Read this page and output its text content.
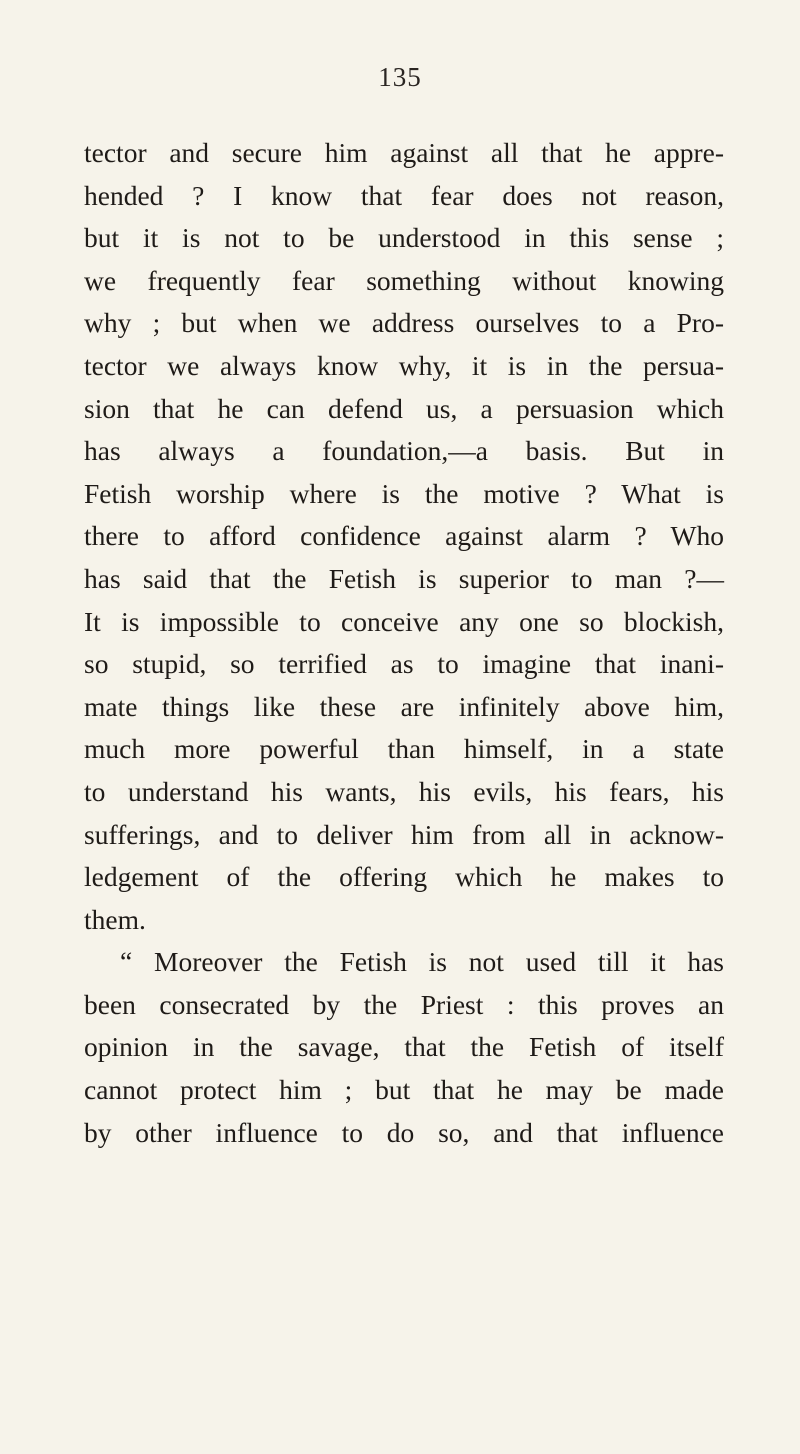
135
tector and secure him against all that he appre-
hended ? I know that fear does not reason,
but it is not to be understood in this sense ;
we frequently fear something without knowing
why ; but when we address ourselves to a Pro-
tector we always know why, it is in the persua-
sion that he can defend us, a persuasion which
has always a foundation,—a basis. But in
Fetish worship where is the motive ? What is
there to afford confidence against alarm ? Who
has said that the Fetish is superior to man ?—
It is impossible to conceive any one so blockish,
so stupid, so terrified as to imagine that inani-
mate things like these are infinitely above him,
much more powerful than himself, in a state
to understand his wants, his evils, his fears, his
sufferings, and to deliver him from all in acknow-
ledgement of the offering which he makes to
them.
“ Moreover the Fetish is not used till it has
been consecrated by the Priest : this proves an
opinion in the savage, that the Fetish of itself
cannot protect him ; but that he may be made
by other influence to do so, and that influence
